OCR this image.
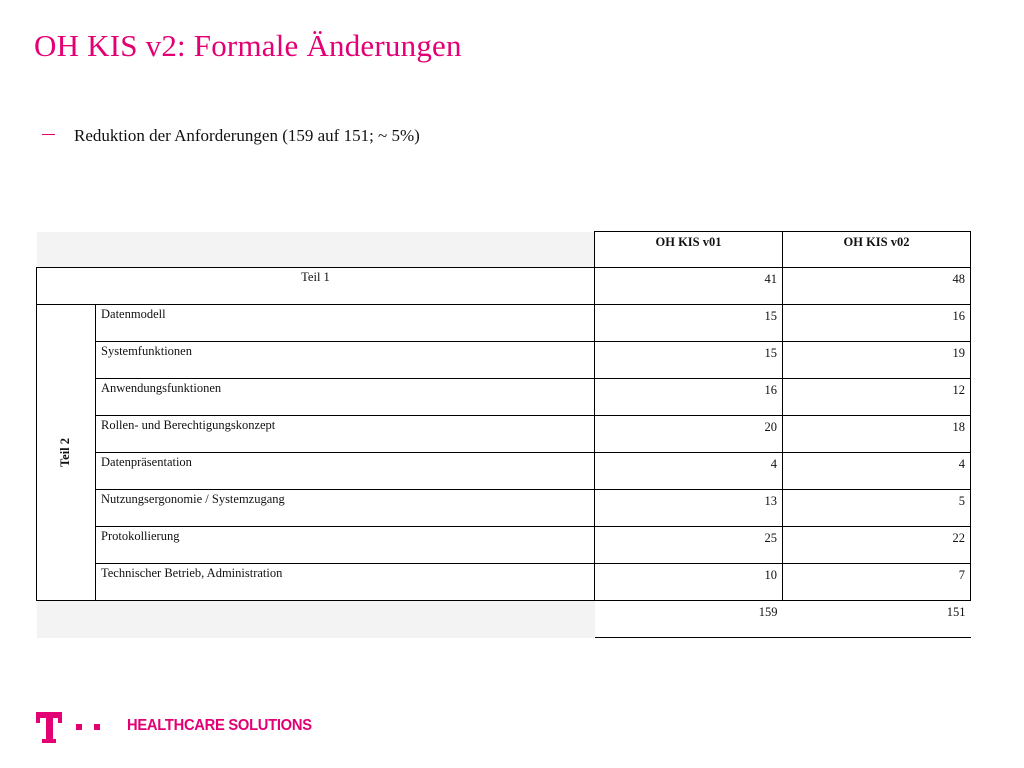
OH KIS v2: Formale Änderungen
Reduktion der Anforderungen (159 auf 151; ~ 5%)
		OH KIS v01	OH KIS v02
Teil 1		41	48
Teil 2	Datenmodell	15	16
	Systemfunktionen	15	19
	Anwendungsfunktionen	16	12
	Rollen- und Berechtigungskonzept	20	18
	Datenpräsentation	4	4
	Nutzungsergonomie / Systemzugang	13	5
	Protokollierung	25	22
	Technischer Betrieb, Administration	10	7
		159	151
HEALTHCARE SOLUTIONS
